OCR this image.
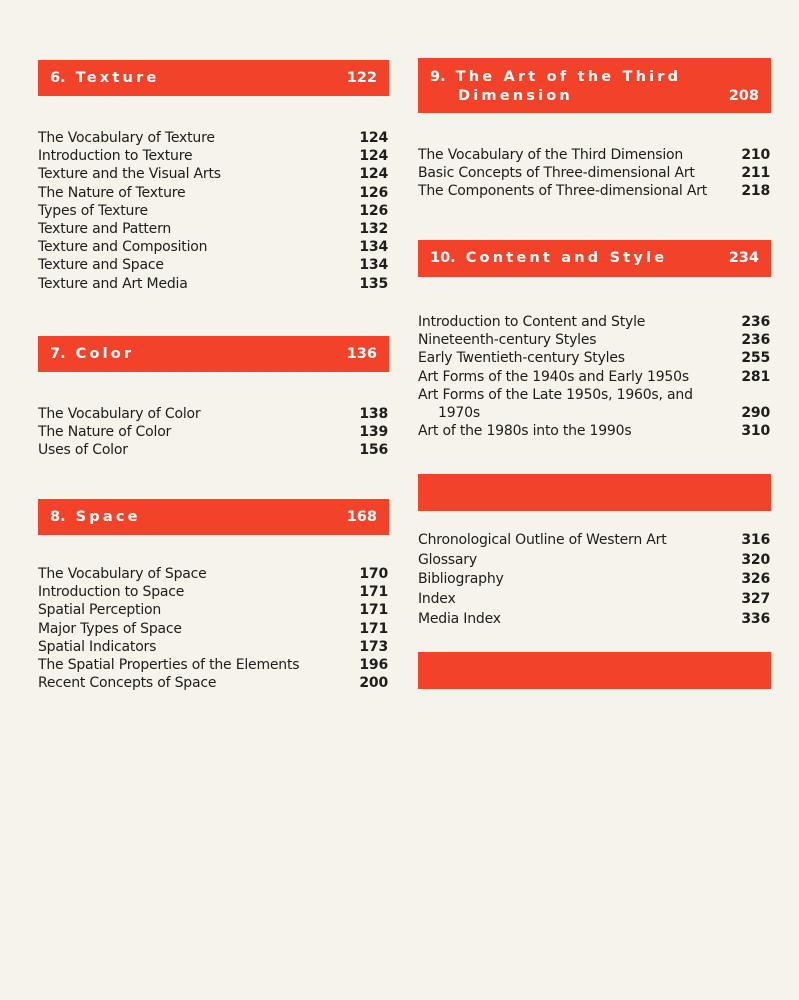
6. Texture	122
The Vocabulary of Texture	124
Introduction to Texture	124
Texture and the Visual Arts	124
The Nature of Texture	126
Types of Texture	126
Texture and Pattern	132
Texture and Composition	134
Texture and Space	134
Texture and Art Media	135
7. Color	136
The Vocabulary of Color	138
The Nature of Color	139
Uses of Color	156
8. Space	168
The Vocabulary of Space	170
Introduction to Space	171
Spatial Perception	171
Major Types of Space	171
Spatial Indicators	173
The Spatial Properties of the Elements	196
Recent Concepts of Space	200
9. The Art of the Third
Dimension	208
The Vocabulary of the Third Dimension	210
Basic Concepts of Three-dimensional Art	211
The Components of Three-dimensional Art 218
10. Content and Style	234
Introduction to Content and Style	236
Nineteenth-century Styles	236
Early Twentieth-century Styles	255
Art Forms of the 1940s and Early 1950s	281
Art Forms of the Late 1950s, 1960s, and
1970s	290
Art of the 1980s into the 1990s	310
Chronological Outline of Western Art	316
Glossary	320
Bibliography	326
Index	327
Media Index	336
